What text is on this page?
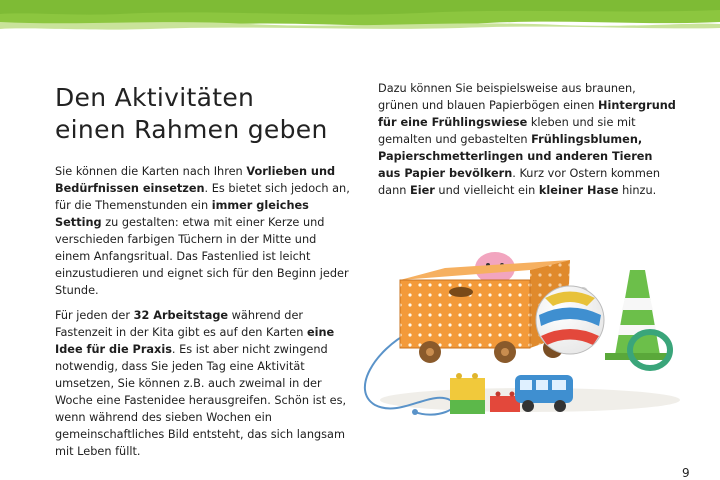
Den Aktivitäten
einen Rahmen geben

Sie können die Karten nach Ihren Vorlieben und Bedürfnissen einsetzen. Es bietet sich jedoch an, für die Themenstunden ein immer gleiches Setting zu gestalten: etwa mit einer Kerze und verschieden farbigen Tüchern in der Mitte und einem Anfangsritual. Das Fastenlied ist leicht einzustudieren und eignet sich für den Beginn jeder Stunde.

Für jeden der 32 Arbeitstage während der Fastenzeit in der Kita gibt es auf den Karten eine Idee für die Praxis. Es ist aber nicht zwingend notwendig, dass Sie jeden Tag eine Aktivität umsetzen, Sie können z.B. auch zweimal in der Woche eine Fastenidee herausgreifen. Schön ist es, wenn während des sieben Wochen ein gemeinschaftliches Bild entsteht, das sich langsam mit Leben füllt.

Dazu können Sie beispielsweise aus braunen, grünen und blauen Papierbögen einen Hintergrund für eine Frühlingswiese kleben und sie mit gemalten und gebastelten Frühlingsblumen, Papierschmetterlingen und anderen Tieren aus Papier bevölkern. Kurz vor Ostern kommen dann Eier und vielleicht ein kleiner Hase hinzu.

9
